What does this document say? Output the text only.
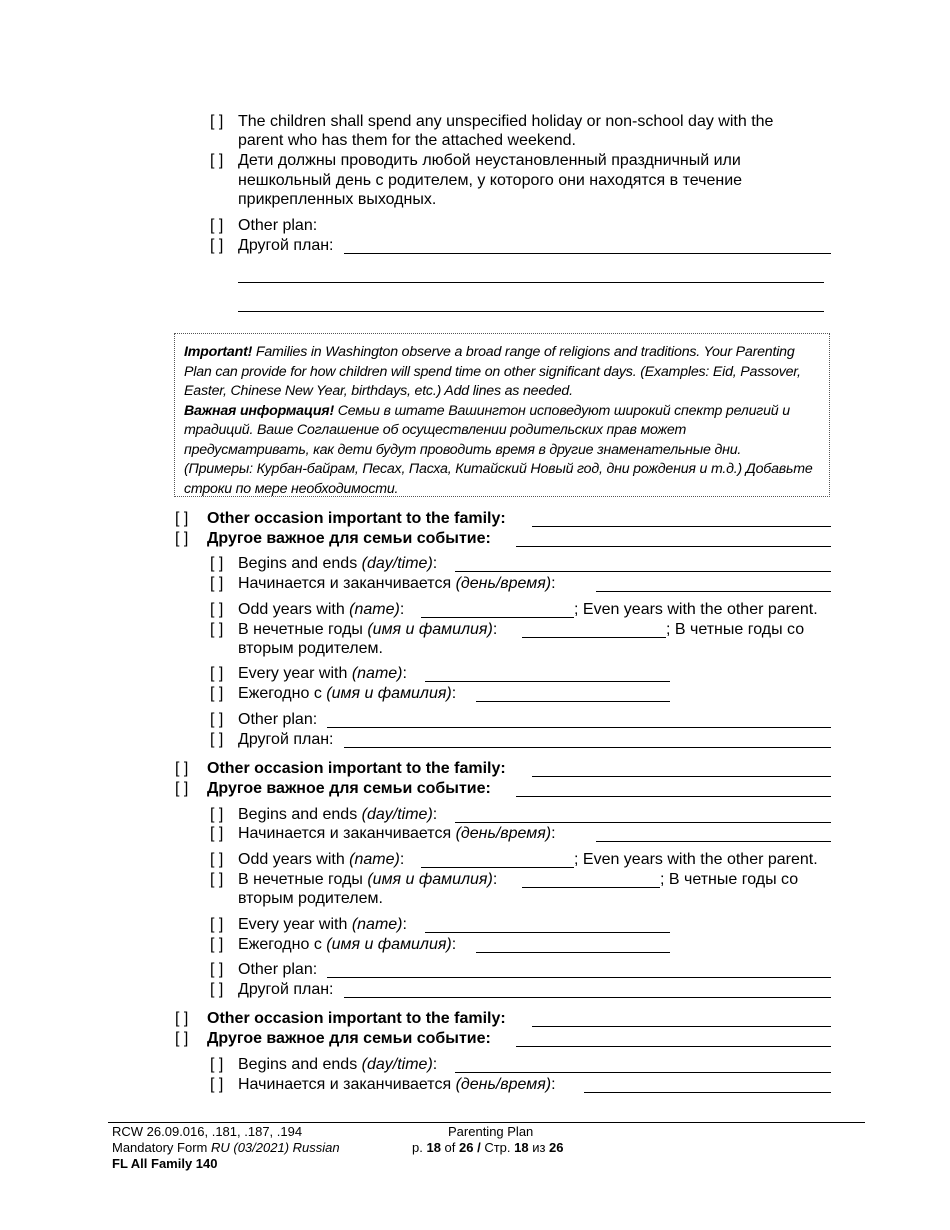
[ ] The children shall spend any unspecified holiday or non-school day with the
parent who has them for the attached weekend.
[ ] Дети должны проводить любой неустановленный праздничный или
нешкольный день с родителем, у которого они находятся в течение
прикрепленных выходных.
[ ] Other plan:
[ ] Другой план:
Important! Families in Washington observe a broad range of religions and traditions. Your Parenting
Plan can provide for how children will spend time on other significant days. (Examples: Eid, Passover,
Easter, Chinese New Year, birthdays, etc.) Add lines as needed.
Важная информация! Семьи в штате Вашингтон исповедуют широкий спектр религий и
традиций. Ваше Соглашение об осуществлении родительских прав может
предусматривать, как дети будут проводить время в другие знаменательные дни.
(Примеры: Курбан-байрам, Песах, Пасха, Китайский Новый год, дни рождения и т.д.) Добавьте
строки по мере необходимости.
[ ] Other occasion important to the family:
[ ] Другое важное для семьи событие:
[ ] Begins and ends (day/time):
[ ] Начинается и заканчивается (день/время):
[ ] Odd years with (name):	; Even years with the other parent.
[ ] В нечетные годы (имя и фамилия):	; В четные годы со
вторым родителем.
[ ] Every year with (name):
[ ] Ежегодно с (имя и фамилия):
[ ] Other plan:
[ ] Другой план:
[ ] Other occasion important to the family:
[ ] Другое важное для семьи событие:
[ ] Begins and ends (day/time):
[ ] Начинается и заканчивается (день/время):
[ ] Odd years with (name):	; Even years with the other parent.
[ ] В нечетные годы (имя и фамилия):	; В четные годы со
вторым родителем.
[ ] Every year with (name):
[ ] Ежегодно с (имя и фамилия):
[ ] Other plan:
[ ] Другой план:
[ ] Other occasion important to the family:
[ ] Другое важное для семьи событие:
[ ] Begins and ends (day/time):
[ ] Начинается и заканчивается (день/время):
RCW 26.09.016, .181, .187, .194
Mandatory Form RU (03/2021) Russian
FL All Family 140
Parenting Plan
p. 18 of 26 / Стр. 18 из 26
